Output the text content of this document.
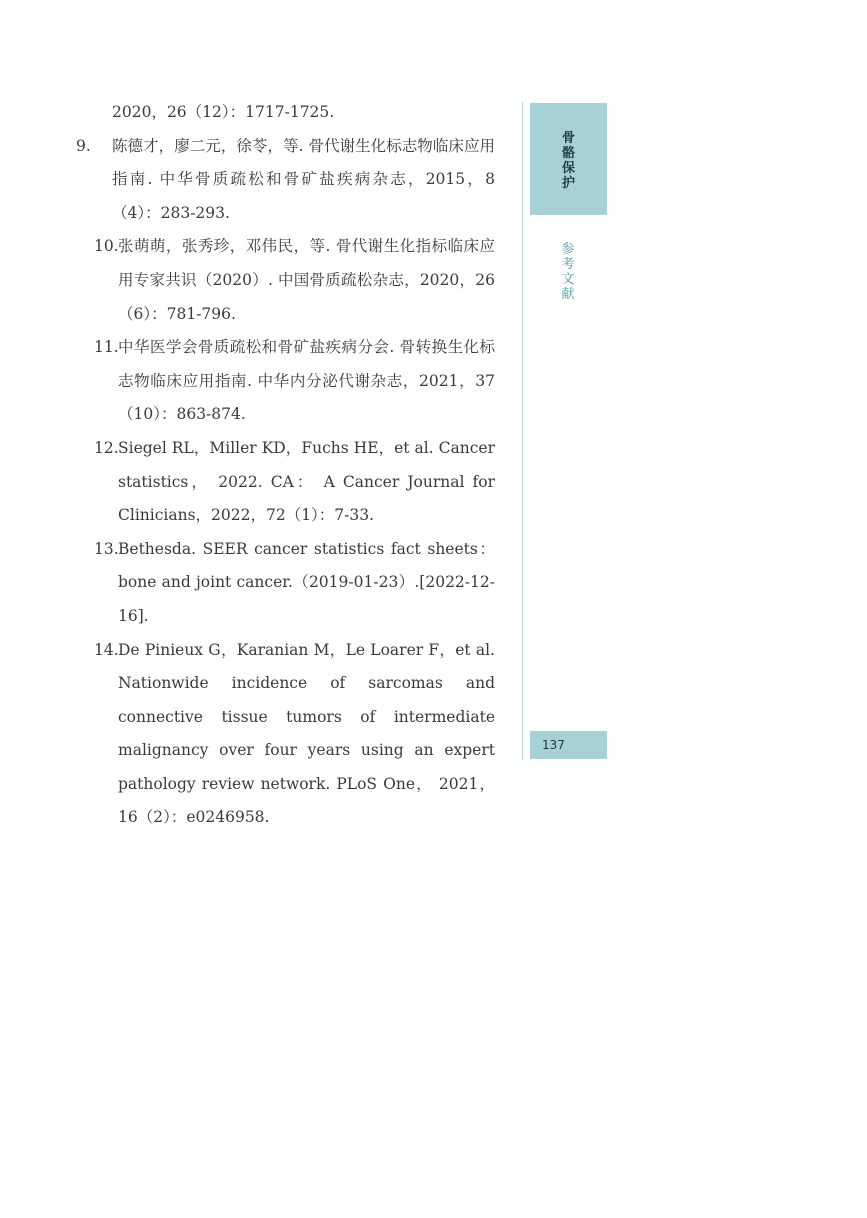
2020，26（12）：1717-1725.
9. 陈德才，廖二元，徐苓，等. 骨代谢生化标志物临床应用指南. 中华骨质疏松和骨矿盐疾病杂志，2015，8（4）：283-293.
10. 张萌萌，张秀珍，邓伟民，等. 骨代谢生化指标临床应用专家共识（2020）. 中国骨质疏松杂志，2020，26（6）：781-796.
11. 中华医学会骨质疏松和骨矿盐疾病分会. 骨转换生化标志物临床应用指南. 中华内分泌代谢杂志，2021，37（10）：863-874.
12. Siegel RL，Miller KD，Fuchs HE，et al. Cancer statistics， 2022. CA： A Cancer Journal for Clinicians，2022，72（1）：7-33.
13. Bethesda. SEER cancer statistics fact sheets： bone and joint cancer.（2019-01-23）.[2022-12-16].
14. De Pinieux G，Karanian M，Le Loarer F，et al. Nationwide incidence of sarcomas and connective tissue tumors of intermediate malignancy over four years using an expert pathology review network. PLoS One， 2021， 16（2）：e0246958.
骨骼保护
参考文献
137
